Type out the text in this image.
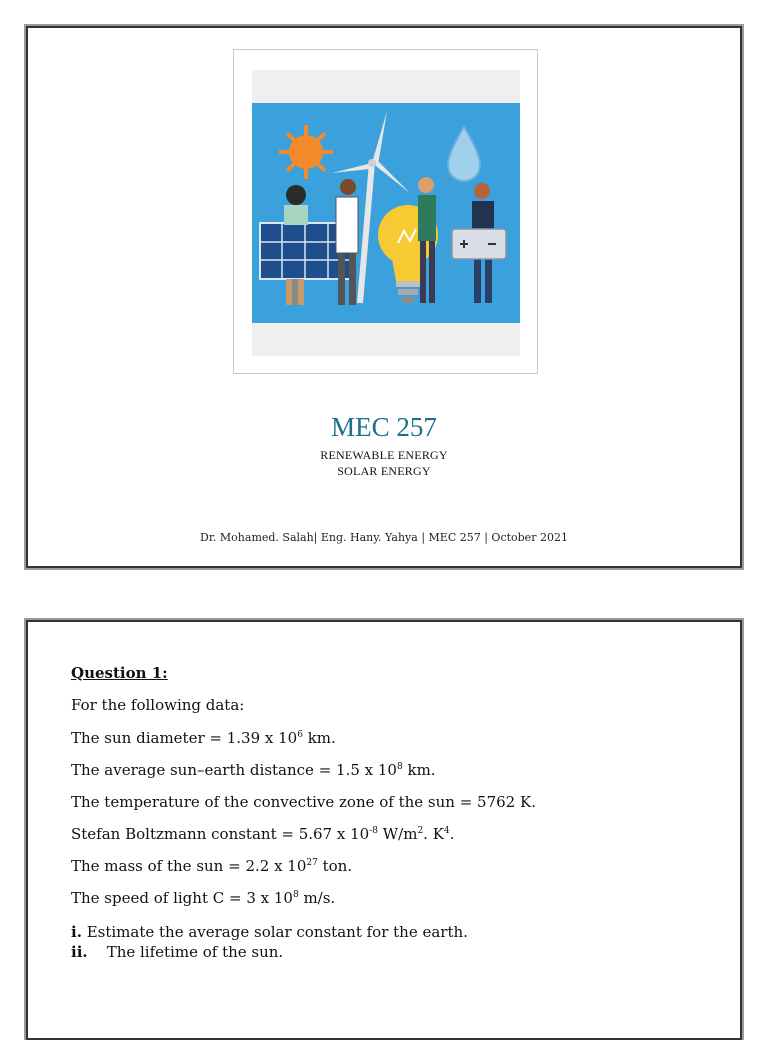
MEC 257
RENEWABLE ENERGY
SOLAR ENERGY
Dr. Mohamed. Salah| Eng. Hany. Yahya | MEC 257 | October 2021
Question 1:
For the following data:
The sun diameter = 1.39 x $10^6$ km.
The average sun–earth distance = 1.5 x $10^8$ km.
The temperature of the convective zone of the sun = 5762 K.
Stefan Boltzmann constant = 5.67 x $10^{-8}$ $W/m^2$. $K^4$.
The mass of the sun = 2.2 x $10^{27}$ ton.
The speed of light C = 3 x $10^8$ m/s.
i. Estimate the average solar constant for the earth.
ii.    The lifetime of the sun.
